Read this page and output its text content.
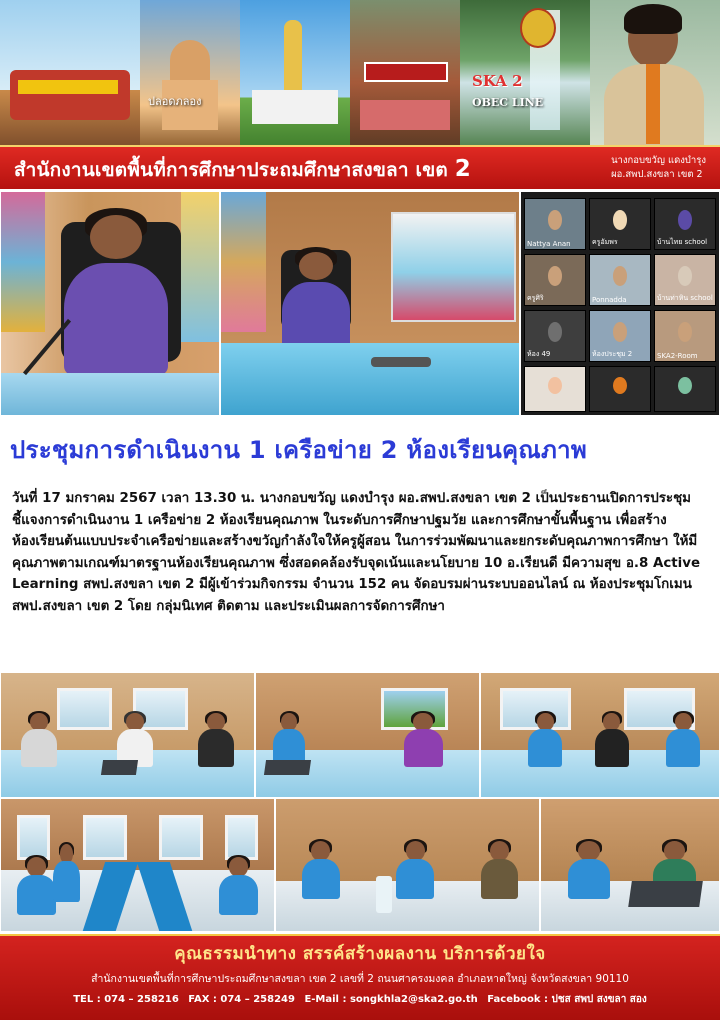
ปลอดภลอง
SKA 2
OBEC LINE
สำนักงานเขตพื้นที่การศึกษาประถมศึกษาสงขลา เขต 2	นางกอบขวัญ แดงบำรุง
ผอ.สพป.สงขลา เขต 2
Nattya Anan	ครูอัมพร	บ้านไทย school
ครูศิริ	Ponnadda	บ้านท่าหิน school
ห้อง 49	ห้องประชุม 2	SKA2-Room
ประชุมการดำเนินงาน 1 เครือข่าย 2 ห้องเรียนคุณภาพ
วันที่ 17 มกราคม 2567 เวลา 13.30 น. นางกอบขวัญ แดงบำรุง ผอ.สพป.สงขลา เขต 2 เป็นประธานเปิดการประชุมชี้แจงการดำเนินงาน 1 เครือข่าย 2 ห้องเรียนคุณภาพ ในระดับการศึกษาปฐมวัย และการศึกษาขั้นพื้นฐาน เพื่อสร้างห้องเรียนต้นแบบประจำเครือข่ายและสร้างขวัญกำลังใจให้ครูผู้สอน ในการร่วมพัฒนาและยกระดับคุณภาพการศึกษา ให้มีคุณภาพตามเกณฑ์มาตรฐานห้องเรียนคุณภาพ ซึ่งสอดคล้องรับจุดเน้นและนโยบาย 10 อ.เรียนดี มีความสุข อ.8 Active Learning สพป.สงขลา เขต 2 มีผู้เข้าร่วมกิจกรรม จำนวน 152 คน จัดอบรมผ่านระบบออนไลน์ ณ ห้องประชุมโกเมน สพป.สงขลา เขต 2 โดย กลุ่มนิเทศ ติดตาม และประเมินผลการจัดการศึกษา
คุณธรรมนำทาง สรรค์สร้างผลงาน บริการด้วยใจ
สำนักงานเขตพื้นที่การศึกษาประถมศึกษาสงขลา เขต 2 เลขที่ 2 ถนนศาครงมงคล อำเภอหาดใหญ่ จังหวัดสงขลา 90110
TEL : 074 – 258216 FAX : 074 – 258249 E-Mail : songkhla2@ska2.go.th Facebook : ปชส สพป สงขลา สอง
